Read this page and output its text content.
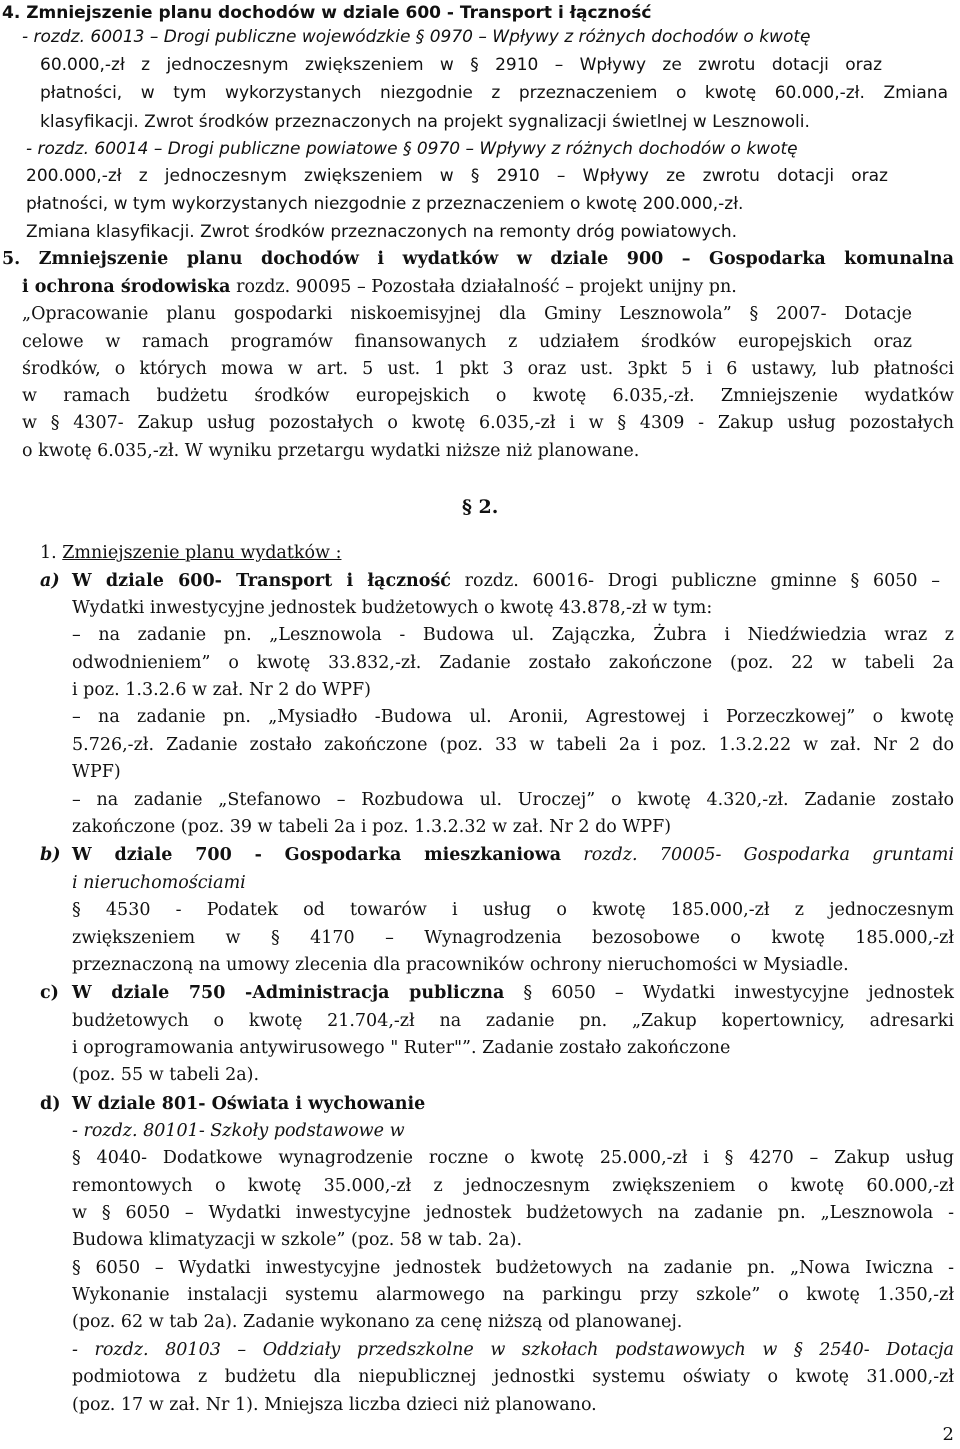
4. Zmniejszenie planu dochodów w dziale 600 - Transport i łączność
- rozdz. 60013 – Drogi publiczne wojewódzkie § 0970 – Wpływy z różnych dochodów o kwotę
60.000,-zł z jednoczesnym zwiększeniem w § 2910 – Wpływy ze zwrotu dotacji oraz
płatności, w tym wykorzystanych niezgodnie z przeznaczeniem o kwotę 60.000,-zł. Zmiana
klasyfikacji. Zwrot środków przeznaczonych na projekt sygnalizacji świetlnej w Lesznowoli.
- rozdz. 60014 – Drogi publiczne powiatowe § 0970 – Wpływy z różnych dochodów o kwotę
200.000,-zł z jednoczesnym zwiększeniem w § 2910 – Wpływy ze zwrotu dotacji oraz
płatności, w tym wykorzystanych niezgodnie z przeznaczeniem o kwotę 200.000,-zł.
Zmiana klasyfikacji. Zwrot środków przeznaczonych na remonty dróg powiatowych.
5. Zmniejszenie planu dochodów i wydatków w dziale 900 – Gospodarka komunalna
i ochrona środowiska rozdz. 90095 – Pozostała działalność – projekt unijny pn.
„Opracowanie planu gospodarki niskoemisyjnej dla Gminy Lesznowola” § 2007- Dotacje
celowe w ramach programów finansowanych z udziałem środków europejskich oraz
środków, o których mowa w art. 5 ust. 1 pkt 3 oraz ust. 3pkt 5 i 6 ustawy, lub płatności
w ramach budżetu środków europejskich o kwotę 6.035,-zł. Zmniejszenie wydatków
w § 4307- Zakup usług pozostałych o kwotę 6.035,-zł i w § 4309 - Zakup usług pozostałych
o kwotę 6.035,-zł. W wyniku przetargu wydatki niższe niż planowane.
§ 2.
1. Zmniejszenie planu wydatków :
a) W dziale 600- Transport i łączność rozdz. 60016- Drogi publiczne gminne § 6050 –
Wydatki inwestycyjne jednostek budżetowych o kwotę 43.878,-zł w tym:
– na zadanie pn. „Lesznowola - Budowa ul. Zajączka, Żubra i Niedźwiedzia wraz z
odwodnieniem” o kwotę 33.832,-zł. Zadanie zostało zakończone (poz. 22 w tabeli 2a
i poz. 1.3.2.6 w zał. Nr 2 do WPF)
– na zadanie pn. „Mysiadło -Budowa ul. Aronii, Agrestowej i Porzeczkowej” o kwotę
5.726,-zł. Zadanie zostało zakończone (poz. 33 w tabeli 2a i poz. 1.3.2.22 w zał. Nr 2 do
WPF)
– na zadanie „Stefanowo – Rozbudowa ul. Uroczej” o kwotę 4.320,-zł. Zadanie zostało
zakończone (poz. 39 w tabeli 2a i poz. 1.3.2.32 w zał. Nr 2 do WPF)
b) W dziale 700 - Gospodarka mieszkaniowa rozdz. 70005- Gospodarka gruntami
i nieruchomościami
§ 4530 - Podatek od towarów i usług o kwotę 185.000,-zł z jednoczesnym
zwiększeniem w § 4170 – Wynagrodzenia bezosobowe o kwotę 185.000,-zł
przeznaczoną na umowy zlecenia dla pracowników ochrony nieruchomości w Mysiadle.
c) W dziale 750 -Administracja publiczna § 6050 – Wydatki inwestycyjne jednostek
budżetowych o kwotę 21.704,-zł na zadanie pn. „Zakup kopertownicy, adresarki
i oprogramowania antywirusowego " Ruter"”. Zadanie zostało zakończone
(poz. 55 w tabeli 2a).
d) W dziale 801- Oświata i wychowanie
- rozdz. 80101- Szkoły podstawowe w
§ 4040- Dodatkowe wynagrodzenie roczne o kwotę 25.000,-zł i § 4270 – Zakup usług
remontowych o kwotę 35.000,-zł z jednoczesnym zwiększeniem o kwotę 60.000,-zł
w § 6050 – Wydatki inwestycyjne jednostek budżetowych na zadanie pn. „Lesznowola -
Budowa klimatyzacji w szkole” (poz. 58 w tab. 2a).
§ 6050 – Wydatki inwestycyjne jednostek budżetowych na zadanie pn. „Nowa Iwiczna -
Wykonanie instalacji systemu alarmowego na parkingu przy szkole” o kwotę 1.350,-zł
(poz. 62 w tab 2a). Zadanie wykonano za cenę niższą od planowanej.
- rozdz. 80103 – Oddziały przedszkolne w szkołach podstawowych w § 2540- Dotacja
podmiotowa z budżetu dla niepublicznej jednostki systemu oświaty o kwotę 31.000,-zł
(poz. 17 w zał. Nr 1). Mniejsza liczba dzieci niż planowano.
2
